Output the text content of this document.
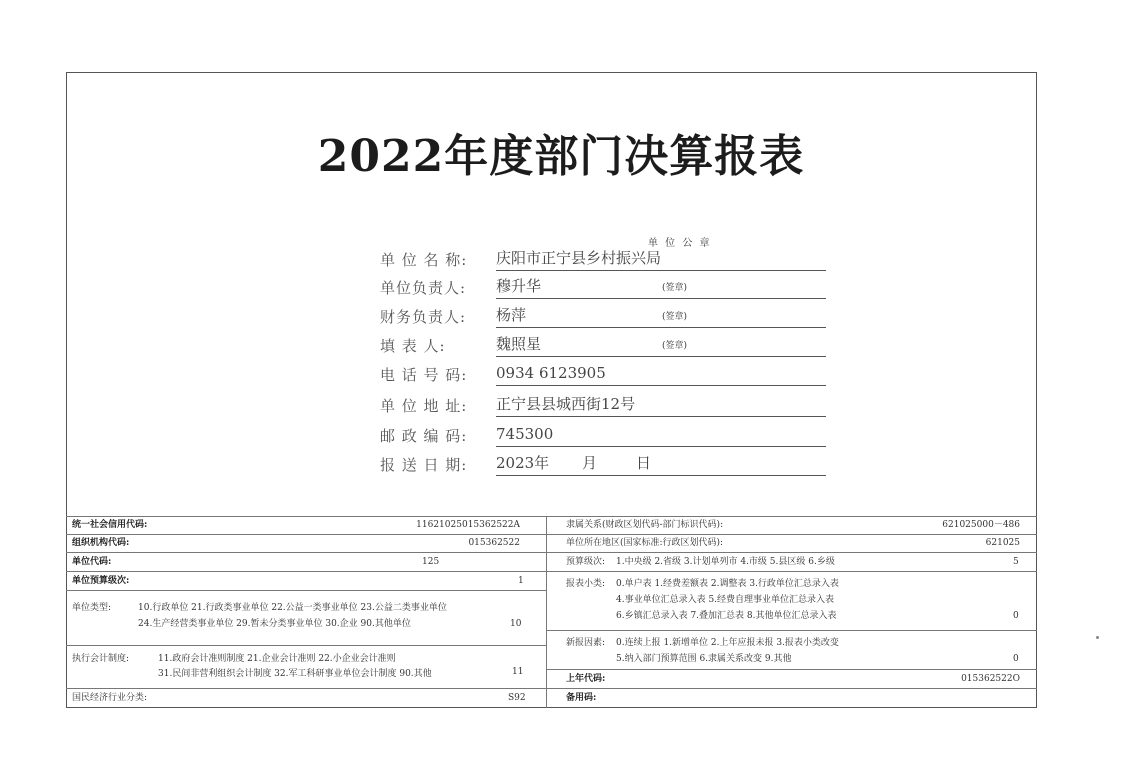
2022年度部门决算报表
单 位 公 章
单 位 名 称:	庆阳市正宁县乡村振兴局
单位负责人:	穆升华	(签章)
财务负责人:	杨萍	(签章)
填 表 人:	魏照星	(签章)
电 话 号 码:	0934 6123905
单 位 地 址:	正宁县县城西街12号
邮 政 编 码:	745300
报 送 日 期:	2023年 月	日
统一社会信用代码:	11621025015362522A
组织机构代码:	015362522
单位代码:	125
单位预算级次:	1
单位类型:	10.行政单位 21.行政类事业单位 22.公益一类事业单位 23.公益二类事业单位
24.生产经营类事业单位 29.暂未分类事业单位 30.企业 90.其他单位	10
执行会计制度:	11.政府会计准则制度 21.企业会计准则 22.小企业会计准则
31.民间非营利组织会计制度 32.军工科研事业单位会计制度 90.其他	11
国民经济行业分类:	S92
隶属关系(财政区划代码-部门标识代码):	621025000－486
单位所在地区(国家标准:行政区划代码):	621025
预算级次: 1.中央级 2.省级 3.计划单列市 4.市级 5.县区级 6.乡级	5
报表小类: 0.单户表 1.经费差额表 2.调整表 3.行政单位汇总录入表
4.事业单位汇总录入表 5.经费自理事业单位汇总录入表
6.乡镇汇总录入表 7.叠加汇总表 8.其他单位汇总录入表	0
新报因素: 0.连续上报 1.新增单位 2.上年应报未报 3.报表小类改变
5.纳入部门预算范围 6.隶属关系改变 9.其他	0
上年代码:	015362522O
备用码:
